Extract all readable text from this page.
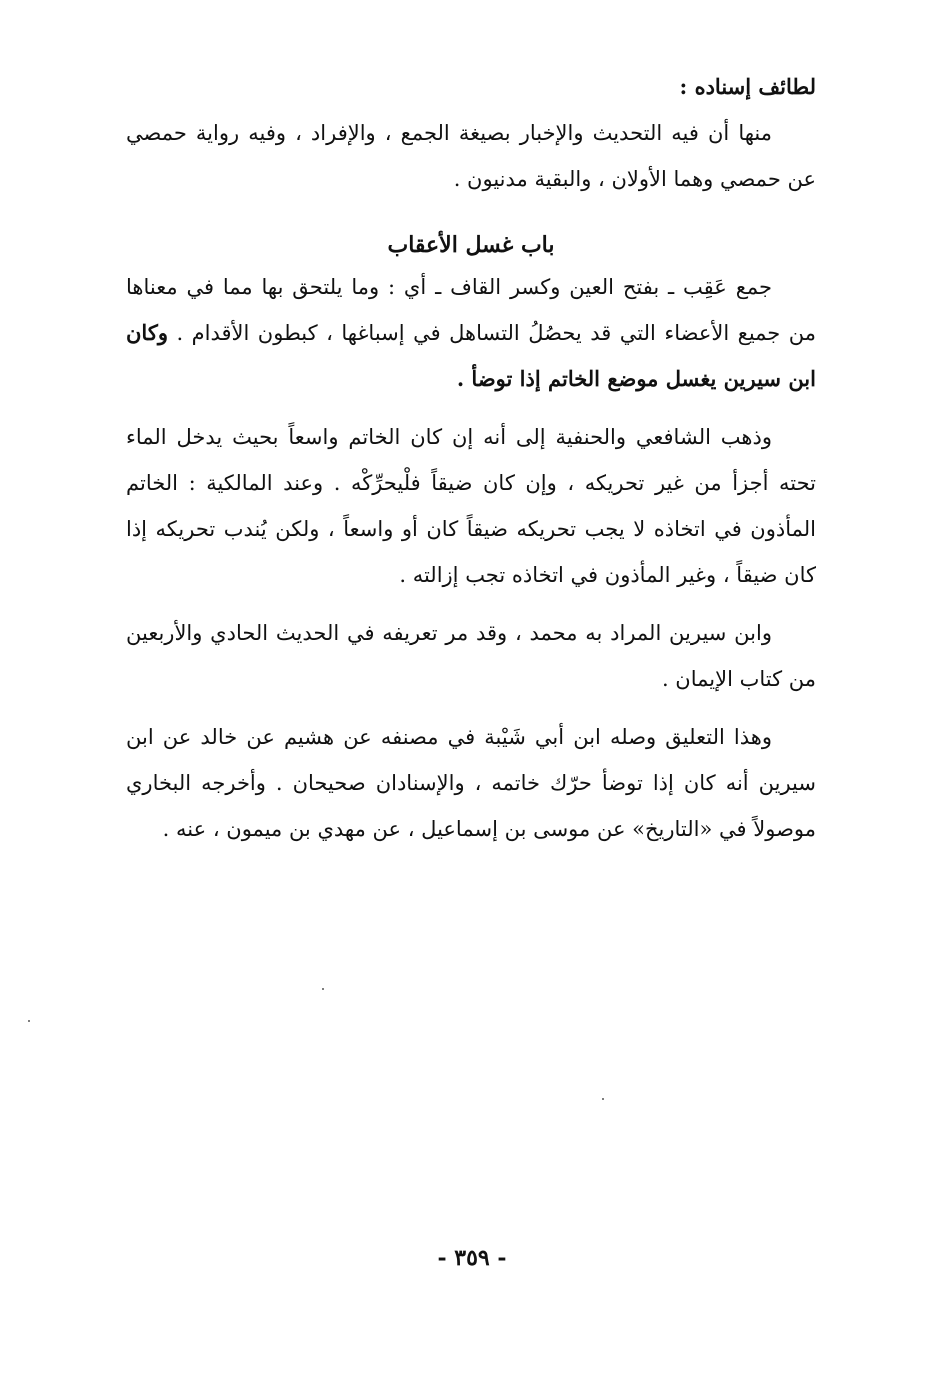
لطائف إسناده :

منها أن فيه التحديث والإخبار بصيغة الجمع ، والإفراد ، وفيه رواية حمصي عن حمصي وهما الأولان ، والبقية مدنيون .

باب غسل الأعقاب

جمع عَقِب ـ بفتح العين وكسر القاف ـ أي : وما يلتحق بها مما في معناها من جميع الأعضاء التي قد يحصُلُ التساهل في إسباغها ، كبطون الأقدام . وكان ابن سيرين يغسل موضع الخاتم إذا توضأ .

وذهب الشافعي والحنفية إلى أنه إن كان الخاتم واسعاً بحيث يدخل الماء تحته أجزأ من غير تحريكه ، وإن كان ضيقاً فلْيحرِّكْه . وعند المالكية : الخاتم المأذون في اتخاذه لا يجب تحريكه ضيقاً كان أو واسعاً ، ولكن يُندب تحريكه إذا كان ضيقاً ، وغير المأذون في اتخاذه تجب إزالته .

وابن سيرين المراد به محمد ، وقد مر تعريفه في الحديث الحادي والأربعين من كتاب الإيمان .

وهذا التعليق وصله ابن أبي شَيْبة في مصنفه عن هشيم عن خالد عن ابن سيرين أنه كان إذا توضأ حرّك خاتمه ، والإسنادان صحيحان . وأخرجه البخاري موصولاً في «التاريخ» عن موسى بن إسماعيل ، عن مهدي بن ميمون ، عنه .

- ٣٥٩ -
